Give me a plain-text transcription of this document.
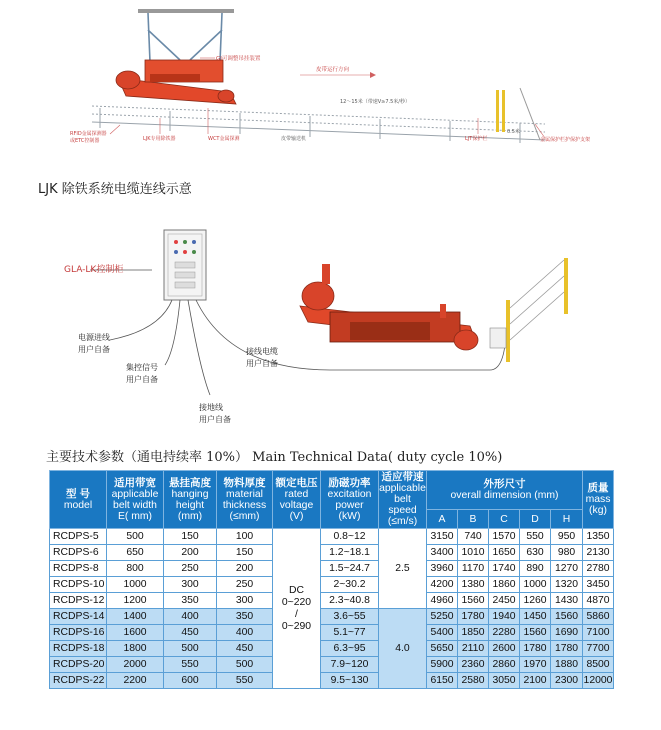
GJ可调整吊挂装置
皮带运行方向
12～15米（带速V≥7.5米/秒）
RFID金属探测器
或ETC控制器	LJK专用除铁器	WCT金属探测	皮带输送机	LJT保护栏
0.5米
金属保护栏护保护支架
LJK 除铁系统电缆连线示意
GLA-LK控制柜
电源进线
用户自备
集控信号
用户自备
接线电缆
用户自备
接地线
用户自备
主要技术参数（通电持续率 10%） Main Technical Data( duty cycle 10%)
型 号
model	适用带宽
applicable
belt width
E( mm)	悬挂高度
hanging
height
(mm)	物料厚度
material
thickness
(≤mm)	额定电压
rated
voltage
(V)	励磁功率
excitation
power
(kW)	适应带速
applicable
belt speed
(≤m/s)	外形尺寸
overall dimension (mm)					质量
mass
(kg)
							A	B	C	D	H	
RCDPS-5	500	150	100	DC
0~220
/
0~290	0.8~12	2.5	3150	740	1570	550	950	1350
RCDPS-6	650	200	150		1.2~18.1		3400	1010	1650	630	980	2130
RCDPS-8	800	250	200		1.5~24.7		3960	1170	1740	890	1270	2780
RCDPS-10	1000	300	250		2~30.2		4200	1380	1860	1000	1320	3450
RCDPS-12	1200	350	300		2.3~40.8		4960	1560	2450	1260	1430	4870
RCDPS-14	1400	400	350		3.6~55	4.0	5250	1780	1940	1450	1560	5860
RCDPS-16	1600	450	400		5.1~77		5400	1850	2280	1560	1690	7100
RCDPS-18	1800	500	450		6.3~95		5650	2110	2600	1780	1780	7700
RCDPS-20	2000	550	500		7.9~120		5900	2360	2860	1970	1880	8500
RCDPS-22	2200	600	550		9.5~130		6150	2580	3050	2100	2300	12000
